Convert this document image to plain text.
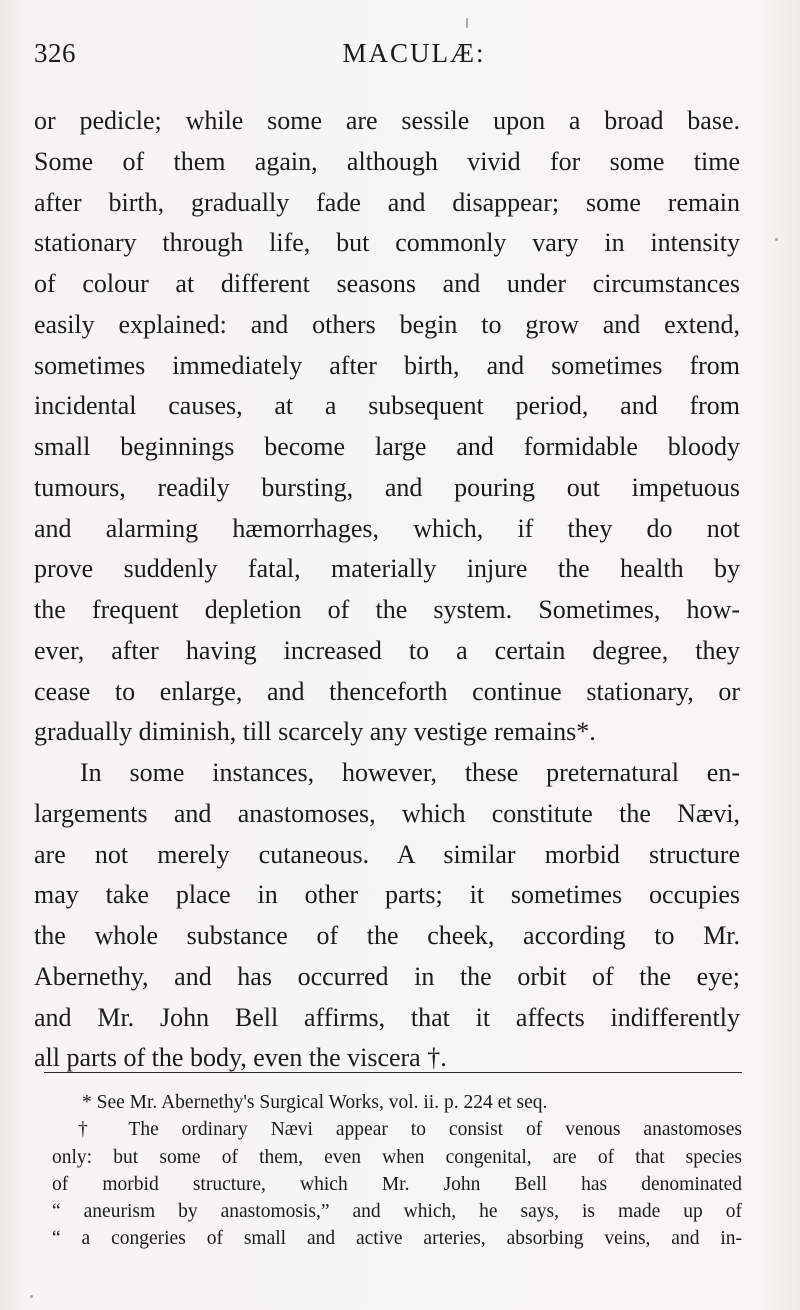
326	MACULÆ:
or pedicle; while some are sessile upon a broad base.
Some of them again, although vivid for some time
after birth, gradually fade and disappear; some remain
stationary through life, but commonly vary in intensity
of colour at different seasons and under circumstances
easily explained: and others begin to grow and extend,
sometimes immediately after birth, and sometimes from
incidental causes, at a subsequent period, and from
small beginnings become large and formidable bloody
tumours, readily bursting, and pouring out impetuous
and alarming hæmorrhages, which, if they do not
prove suddenly fatal, materially injure the health by
the frequent depletion of the system. Sometimes, how-
ever, after having increased to a certain degree, they
cease to enlarge, and thenceforth continue stationary, or
gradually diminish, till scarcely any vestige remains*.
In some instances, however, these preternatural en-
largements and anastomoses, which constitute the Nævi,
are not merely cutaneous. A similar morbid structure
may take place in other parts; it sometimes occupies
the whole substance of the cheek, according to Mr.
Abernethy, and has occurred in the orbit of the eye;
and Mr. John Bell affirms, that it affects indifferently
all parts of the body, even the viscera †.
* See Mr. Abernethy's Surgical Works, vol. ii. p. 224 et seq.
† The ordinary Nævi appear to consist of venous anastomoses
only: but some of them, even when congenital, are of that species
of morbid structure, which Mr. John Bell has denominated
“ aneurism by anastomosis,” and which, he says, is made up of
“ a congeries of small and active arteries, absorbing veins, and in-
